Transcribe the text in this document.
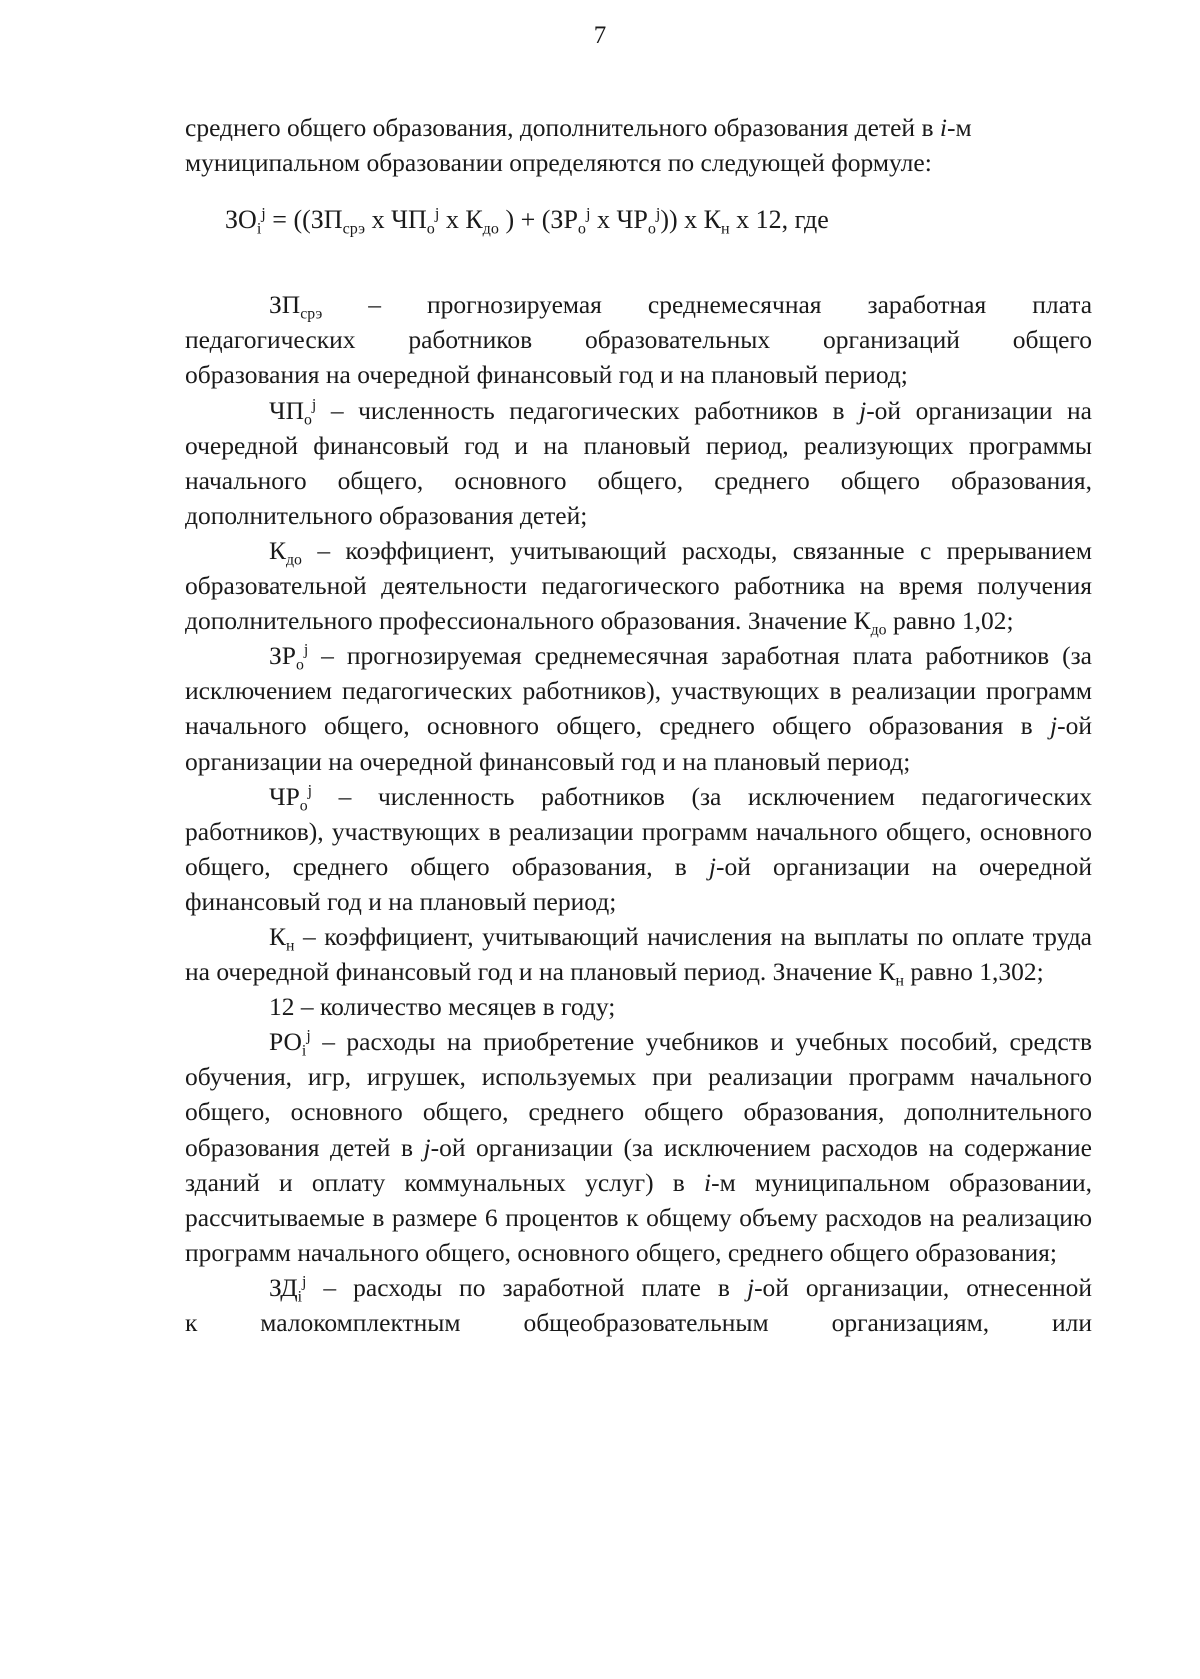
7

среднего общего образования, дополнительного образования детей в i-м
муниципальном образовании определяются по следующей формуле:

$ЗО_i^j = ((ЗП_{срэ}$ х $ЧП_о^j$ х $К_{до}$ ) + ($ЗР_о^j$ х $ЧР_о^j$)) х $К_н$ х 12, где

$ЗП_{срэ}$ – прогнозируемая среднемесячная заработная плата

педагогических работников образовательных организаций общего

образования на очередной финансовый год и на плановый период;

$ЧП_о^j$ – численность педагогических работников в j-ой организации на очередной финансовый год и на плановый период, реализующих программы начального общего, основного общего, среднего общего образования, дополнительного образования детей;

$К_{до}$ – коэффициент, учитывающий расходы, связанные с прерыванием образовательной деятельности педагогического работника на время получения дополнительного профессионального образования. Значение $К_{до}$ равно 1,02;

$ЗР_о^j$ – прогнозируемая среднемесячная заработная плата работников (за исключением педагогических работников), участвующих в реализации программ начального общего, основного общего, среднего общего образования в j-ой организации на очередной финансовый год и на плановый период;

$ЧР_о^j$ – численность работников (за исключением педагогических работников), участвующих в реализации программ начального общего, основного общего, среднего общего образования, в j-ой организации на очередной финансовый год и на плановый период;

$К_н$ – коэффициент, учитывающий начисления на выплаты по оплате труда на очередной финансовый год и на плановый период. Значение $К_н$ равно 1,302;

12 – количество месяцев в году;

$РО_i^j$ – расходы на приобретение учебников и учебных пособий, средств обучения, игр, игрушек, используемых при реализации программ начального общего, основного общего, среднего общего образования, дополнительного образования детей в j-ой организации (за исключением расходов на содержание зданий и оплату коммунальных услуг) в i-м муниципальном образовании, рассчитываемые в размере 6 процентов к общему объему расходов на реализацию программ начального общего, основного общего, среднего общего образования;

$ЗД_i^j$ – расходы по заработной плате в j-ой организации, отнесенной

к малокомплектным общеобразовательным организациям, или
